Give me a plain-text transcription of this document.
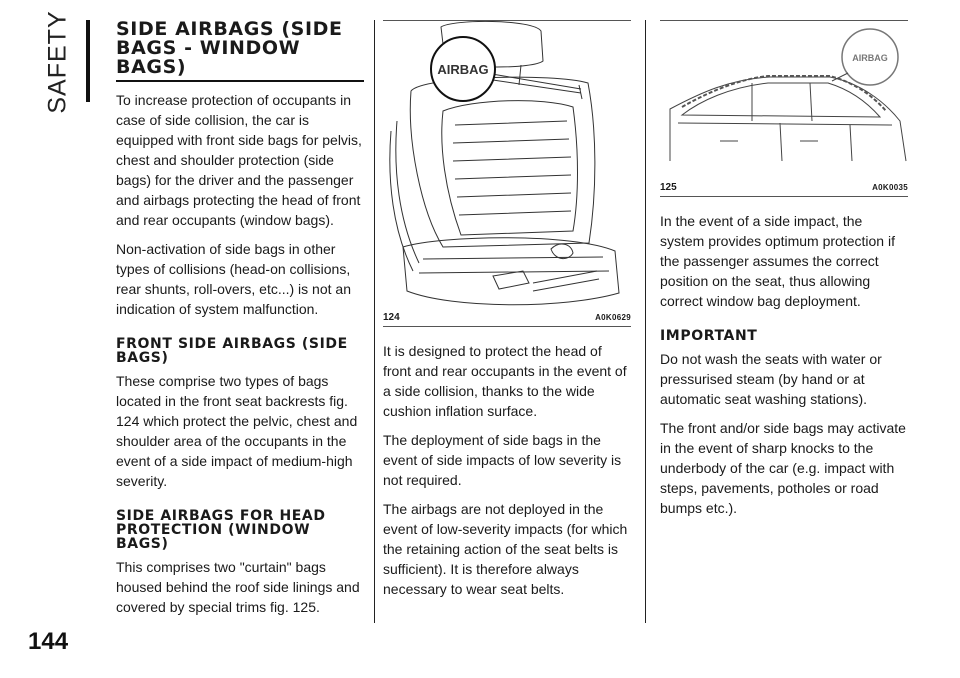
SAFETY
144
SIDE AIRBAGS (SIDE BAGS - WINDOW BAGS)

To increase protection of occupants in case of side collision, the car is equipped with front side bags for pelvis, chest and shoulder protection (side bags) for the driver and the passenger and airbags protecting the head of front and rear occupants (window bags).

Non-activation of side bags in other types of collisions (head-on collisions, rear shunts, roll-overs, etc...) is not an indication of system malfunction.

FRONT SIDE AIRBAGS (SIDE BAGS)

These comprise two types of bags located in the front seat backrests fig. 124 which protect the pelvic, chest and shoulder area of the occupants in the event of a side impact of medium-high severity.

SIDE AIRBAGS FOR HEAD PROTECTION (WINDOW BAGS)

This comprises two "curtain" bags housed behind the roof side linings and covered by special trims fig. 125.

AIRBAG
124	A0K0629

It is designed to protect the head of front and rear occupants in the event of a side collision, thanks to the wide cushion inflation surface.

The deployment of side bags in the event of side impacts of low severity is not required.

The airbags are not deployed in the event of low-severity impacts (for which the retaining action of the seat belts is sufficient). It is therefore always necessary to wear seat belts.

AIRBAG
125	A0K0035

In the event of a side impact, the system provides optimum protection if the passenger assumes the correct position on the seat, thus allowing correct window bag deployment.

IMPORTANT

Do not wash the seats with water or pressurised steam (by hand or at automatic seat washing stations).

The front and/or side bags may activate in the event of sharp knocks to the underbody of the car (e.g. impact with steps, pavements, potholes or road bumps etc.).
